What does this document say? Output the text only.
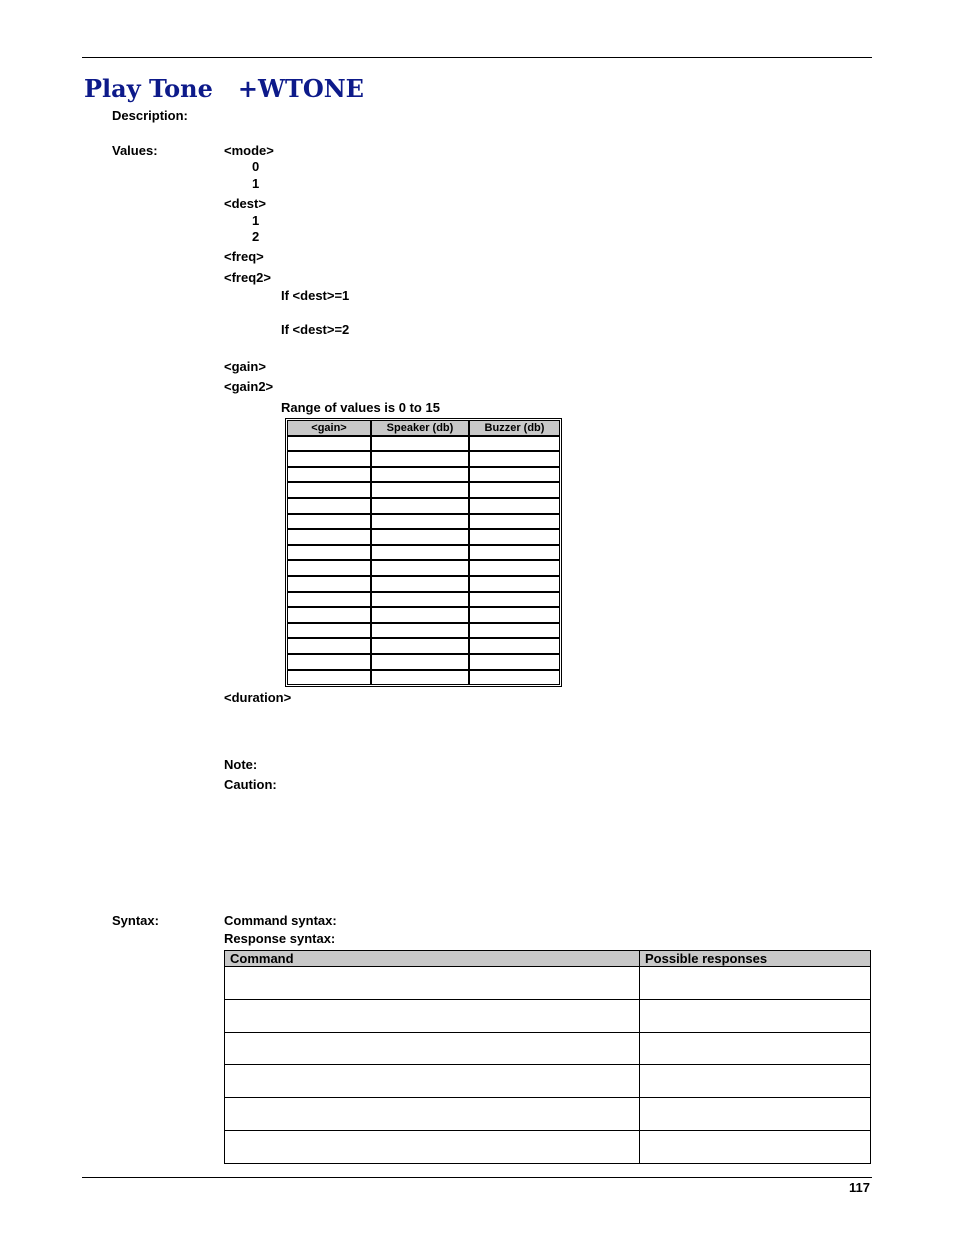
Play Tone   +WTONE
Description:
Values:	<mode>
0
1
<dest>
1
2
<freq>
<freq2>
If <dest>=1
If <dest>=2
<gain>
<gain2>
Range of values is 0 to 15
<gain>	Speaker (db)	Buzzer (db)

<duration>
Note:
Caution:
Syntax:	Command syntax:
Response syntax:
Command	Possible responses

117
